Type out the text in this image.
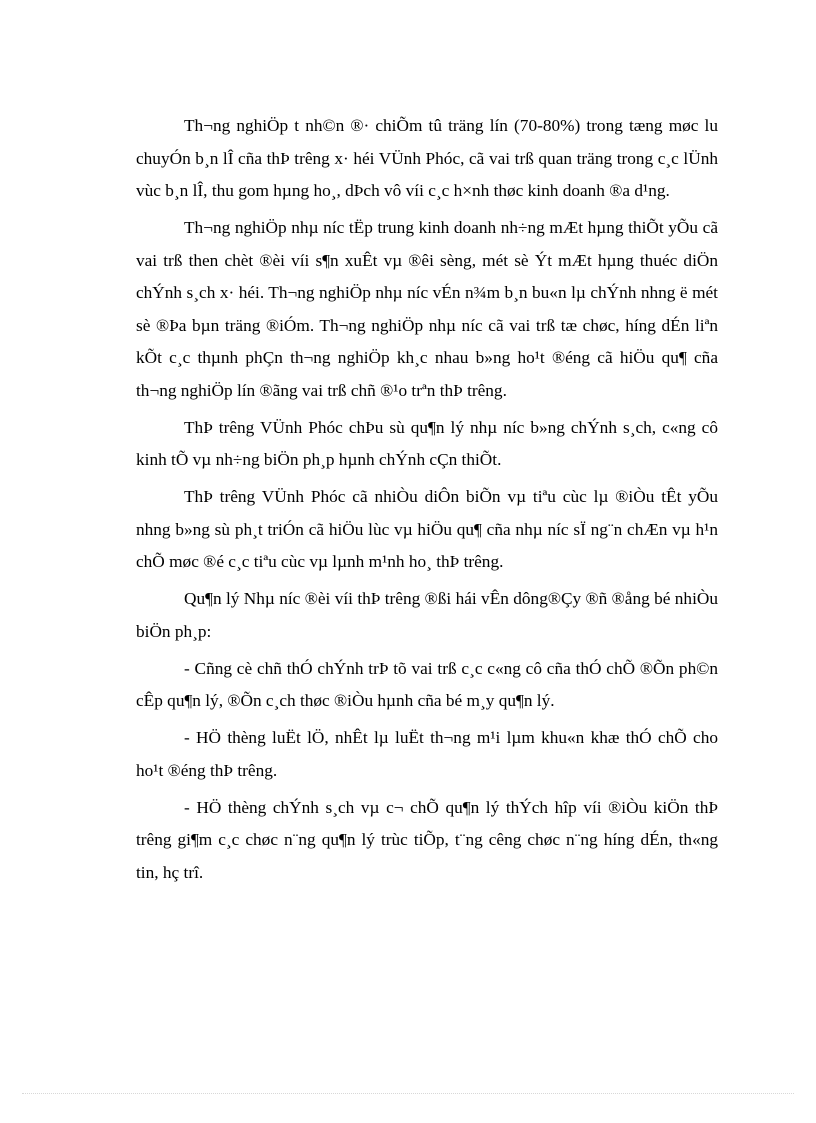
Th¬ng nghiÖp t nh©n ®· chiÕm tû träng lín (70-80%) trong tæng møc lu chuyÓn b¸n lÎ cña thÞ trêng x· héi VÜnh Phóc, cã vai trß quan träng trong c¸c lÜnh vùc b¸n lÎ, thu gom hµng ho¸, dÞch vô víi c¸c h×nh thøc kinh doanh ®a d¹ng.

Th¬ng nghiÖp nhµ níc tËp trung kinh doanh nh÷ng mÆt hµng thiÕt yÕu cã vai trß then chèt ®èi víi s¶n xuÊt vµ ®êi sèng, mét sè Ýt mÆt hµng thuéc diÖn chÝnh s¸ch x· héi. Th¬ng nghiÖp nhµ níc vÉn n¾m b¸n bu«n lµ chÝnh nhng ë mét sè ®Þa bµn träng ®iÓm. Th¬ng nghiÖp nhµ níc cã vai trß tæ chøc, híng dÉn liªn kÕt c¸c thµnh phÇn th¬ng nghiÖp kh¸c nhau b»ng ho¹t ®éng cã hiÖu qu¶ cña th¬ng nghiÖp lín ®ãng vai trß chñ ®¹o trªn thÞ trêng.

ThÞ trêng VÜnh Phóc chÞu sù qu¶n lý nhµ níc b»ng chÝnh s¸ch, c«ng cô kinh tÕ vµ nh÷ng biÖn ph¸p hµnh chÝnh cÇn thiÕt.

ThÞ trêng VÜnh Phóc cã nhiÒu diÔn biÕn vµ tiªu cùc lµ ®iÒu tÊt yÕu nhng b»ng sù ph¸t triÓn cã hiÖu lùc vµ hiÖu qu¶ cña nhµ níc sÏ ng¨n chÆn vµ h¹n chÕ møc ®é c¸c tiªu cùc vµ lµnh m¹nh ho¸ thÞ trêng.

Qu¶n lý Nhµ níc ®èi víi thÞ trêng ®ßi hái vÊn dông®Çy ®ñ ®ång bé nhiÒu biÖn ph¸p:

- Cñng cè chñ thÓ chÝnh trÞ tõ vai trß c¸c c«ng cô cña thÓ chÕ ®Õn ph©n cÊp qu¶n lý, ®Õn c¸ch thøc ®iÒu hµnh cña bé m¸y qu¶n lý.

- HÖ thèng luËt lÖ, nhÊt lµ luËt th¬ng m¹i lµm khu«n khæ thÓ chÕ cho ho¹t ®éng thÞ trêng.

- HÖ thèng chÝnh s¸ch vµ c¬ chÕ qu¶n lý thÝch hîp víi ®iÒu kiÖn thÞ trêng gi¶m c¸c chøc n¨ng qu¶n lý trùc tiÕp, t¨ng cêng chøc n¨ng híng dÉn, th«ng tin, hç trî.
